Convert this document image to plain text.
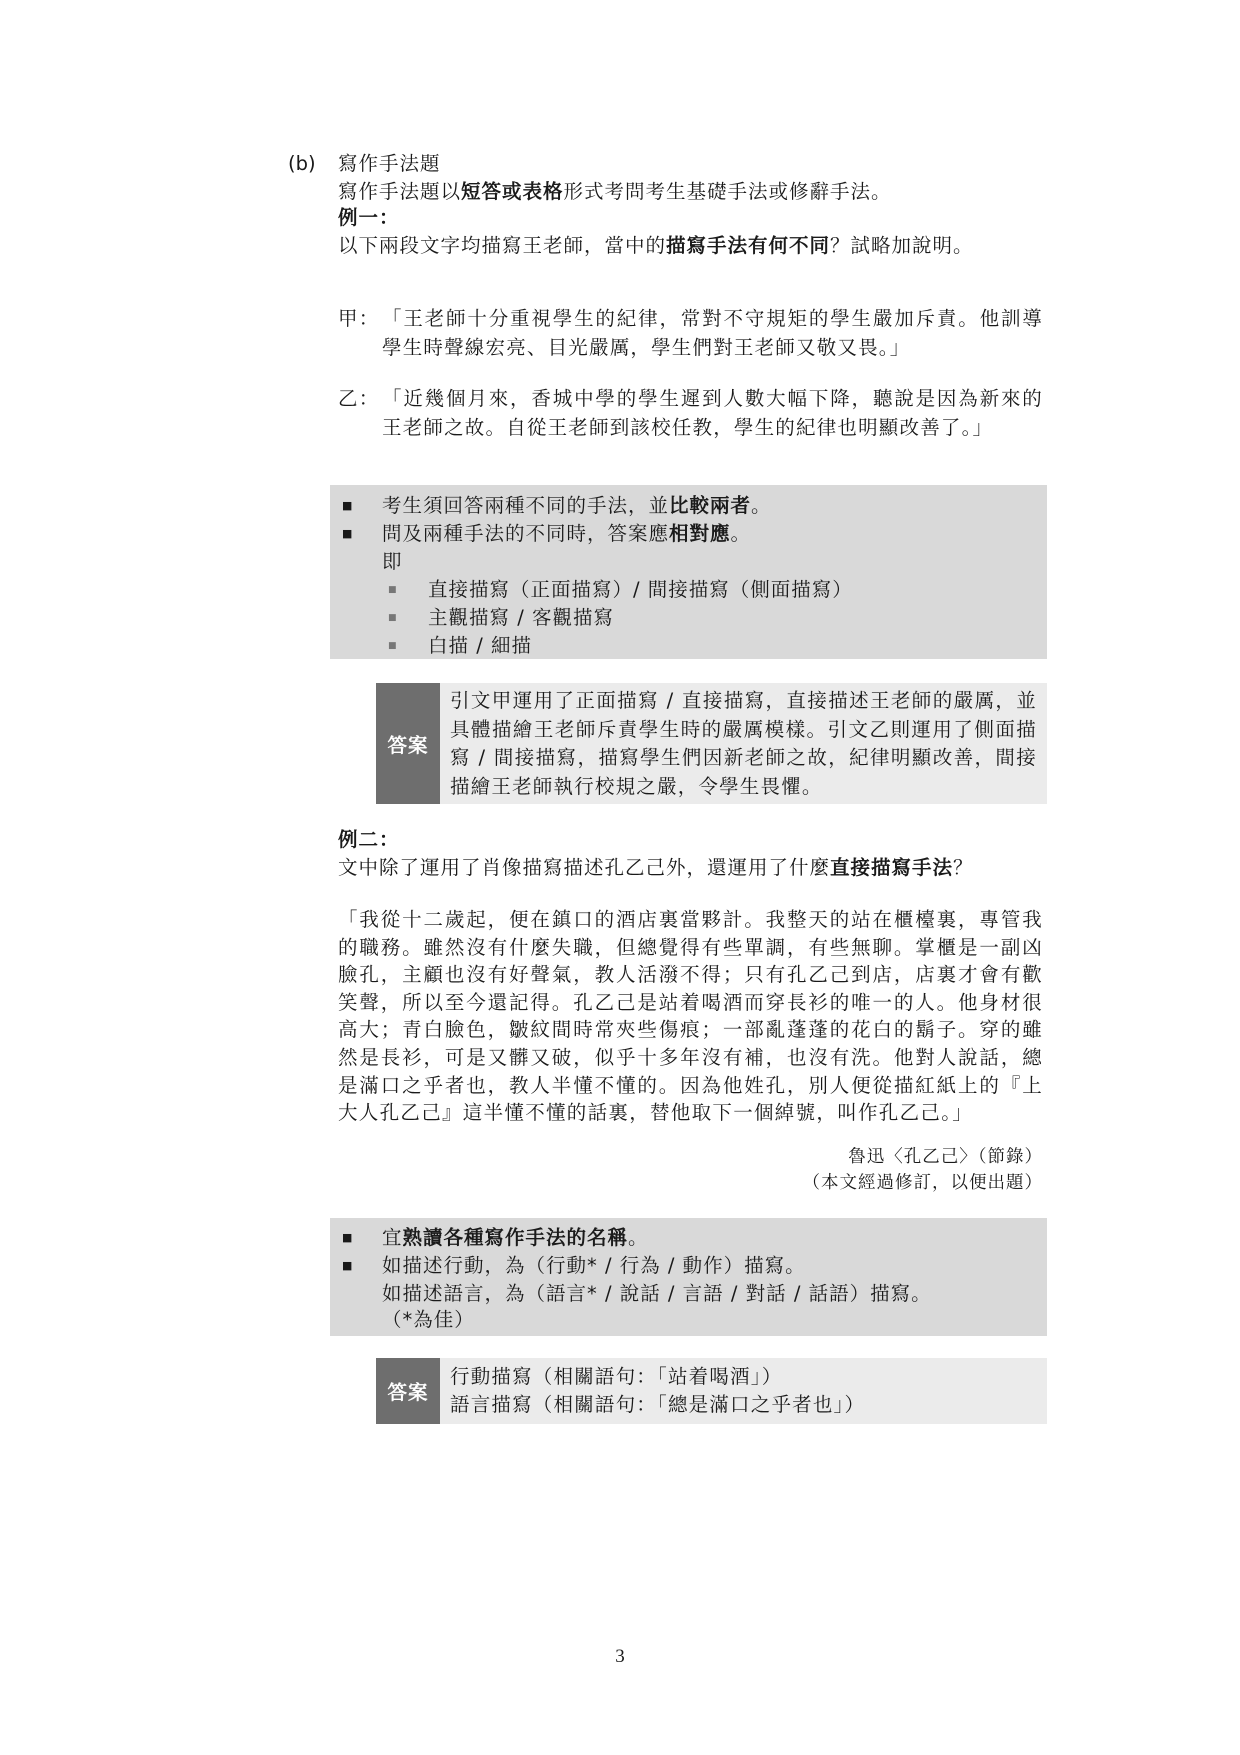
(b)	寫作手法題
寫作手法題以短答或表格形式考問考生基礎手法或修辭手法。
例一：
以下兩段文字均描寫王老師，當中的描寫手法有何不同？試略加說明。
甲： 「王老師十分重視學生的紀律，常對不守規矩的學生嚴加斥責。他訓導學生時聲線宏亮、目光嚴厲，學生們對王老師又敬又畏。」
乙： 「近幾個月來，香城中學的學生遲到人數大幅下降，聽說是因為新來的王老師之故。自從王老師到該校任教，學生的紀律也明顯改善了。」
■	考生須回答兩種不同的手法，並比較兩者。
■	問及兩種手法的不同時，答案應相對應。
即
■	直接描寫（正面描寫）/ 間接描寫（側面描寫）
■	主觀描寫 / 客觀描寫
■	白描 / 細描
答案
引文甲運用了正面描寫 / 直接描寫，直接描述王老師的嚴厲，並具體描繪王老師斥責學生時的嚴厲模樣。引文乙則運用了側面描寫 / 間接描寫，描寫學生們因新老師之故，紀律明顯改善，間接描繪王老師執行校規之嚴，令學生畏懼。
例二：
文中除了運用了肖像描寫描述孔乙己外，還運用了什麼直接描寫手法？
「我從十二歲起，便在鎮口的酒店裏當夥計。我整天的站在櫃檯裏，專管我的職務。雖然沒有什麼失職，但總覺得有些單調，有些無聊。掌櫃是一副凶臉孔，主顧也沒有好聲氣，教人活潑不得；只有孔乙己到店，店裏才會有歡笑聲，所以至今還記得。孔乙己是站着喝酒而穿長衫的唯一的人。他身材很高大；青白臉色，皺紋間時常夾些傷痕；一部亂蓬蓬的花白的鬍子。穿的雖然是長衫，可是又髒又破，似乎十多年沒有補，也沒有洗。他對人說話，總是滿口之乎者也，教人半懂不懂的。因為他姓孔，別人便從描紅紙上的『上大人孔乙己』這半懂不懂的話裏，替他取下一個綽號，叫作孔乙己。」
魯迅〈孔乙己〉（節錄）
（本文經過修訂，以便出題）
■	宜熟讀各種寫作手法的名稱。
■	如描述行動，為（行動* / 行為 / 動作）描寫。
如描述語言，為（語言* / 說話 / 言語 / 對話 / 話語）描寫。
（*為佳）
答案
行動描寫（相關語句：「站着喝酒」）
語言描寫（相關語句：「總是滿口之乎者也」）
3
